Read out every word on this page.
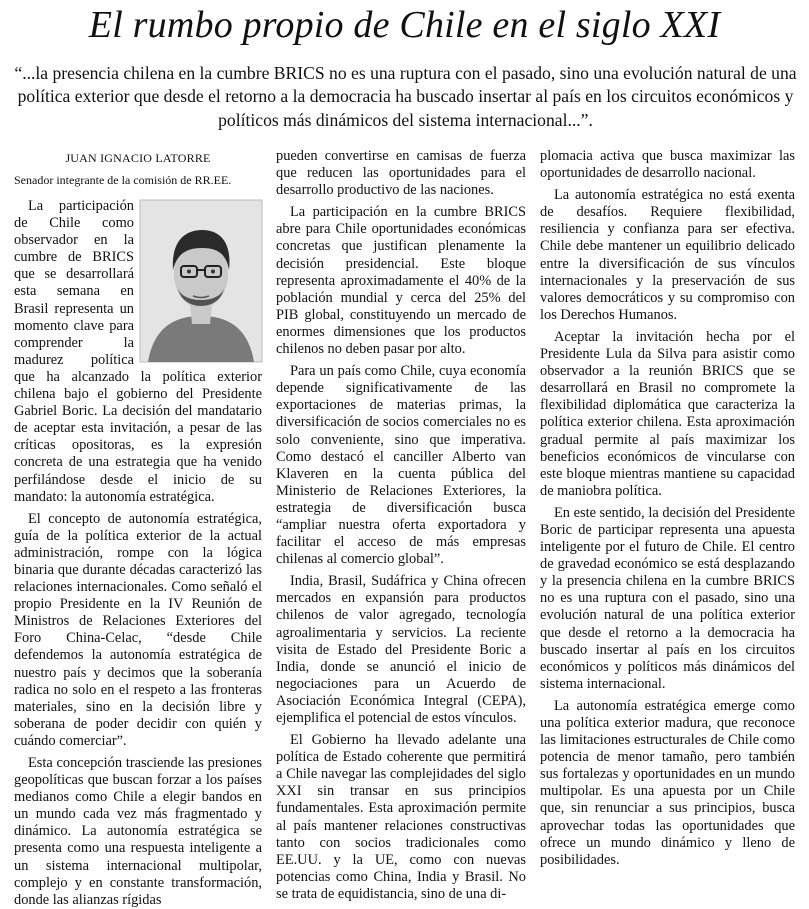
El rumbo propio de Chile en el siglo XXI

“...la presencia chilena en la cumbre BRICS no es una ruptura con el pasado, sino una evolución natural de una política exterior que desde el retorno a la democracia ha buscado insertar al país en los circuitos económicos y políticos más dinámicos del sistema internacional...”.

JUAN IGNACIO LATORRE
Senador integrante de la comisión de RR.EE.

La participación de Chile como observador en la cumbre de BRICS que se desarrollará esta semana en Brasil representa un momento clave para comprender la madurez política que ha alcanzado la política exterior chilena bajo el gobierno del Presidente Gabriel Boric. La decisión del mandatario de aceptar esta invitación, a pesar de las críticas opositoras, es la expresión concreta de una estrategia que ha venido perfilándose desde el inicio de su mandato: la autonomía estratégica.

El concepto de autonomía estratégica, guía de la política exterior de la actual administración, rompe con la lógica binaria que durante décadas caracterizó las relaciones internacionales. Como señaló el propio Presidente en la IV Reunión de Ministros de Relaciones Exteriores del Foro China-Celac, “desde Chile defendemos la autonomía estratégica de nuestro país y decimos que la soberanía radica no solo en el respeto a las fronteras materiales, sino en la decisión libre y soberana de poder decidir con quién y cuándo comerciar”.

Esta concepción trasciende las presiones geopolíticas que buscan forzar a los países medianos como Chile a elegir bandos en un mundo cada vez más fragmentado y dinámico. La autonomía estratégica se presenta como una respuesta inteligente a un sistema internacional multipolar, complejo y en constante transformación, donde las alianzas rígidas

pueden convertirse en camisas de fuerza que reducen las oportunidades para el desarrollo productivo de las naciones.

La participación en la cumbre BRICS abre para Chile oportunidades económicas concretas que justifican plenamente la decisión presidencial. Este bloque representa aproximadamente el 40% de la población mundial y cerca del 25% del PIB global, constituyendo un mercado de enormes dimensiones que los productos chilenos no deben pasar por alto.

Para un país como Chile, cuya economía depende significativamente de las exportaciones de materias primas, la diversificación de socios comerciales no es solo conveniente, sino que imperativa. Como destacó el canciller Alberto van Klaveren en la cuenta pública del Ministerio de Relaciones Exteriores, la estrategia de diversificación busca “ampliar nuestra oferta exportadora y facilitar el acceso de más empresas chilenas al comercio global”.

India, Brasil, Sudáfrica y China ofrecen mercados en expansión para productos chilenos de valor agregado, tecnología agroalimentaria y servicios. La reciente visita de Estado del Presidente Boric a India, donde se anunció el inicio de negociaciones para un Acuerdo de Asociación Económica Integral (CEPA), ejemplifica el potencial de estos vínculos.

El Gobierno ha llevado adelante una política de Estado coherente que permitirá a Chile navegar las complejidades del siglo XXI sin transar en sus principios fundamentales. Esta aproximación permite al país mantener relaciones constructivas tanto con socios tradicionales como EE.UU. y la UE, como con nuevas potencias como China, India y Brasil. No se trata de equidistancia, sino de una di-

plomacia activa que busca maximizar las oportunidades de desarrollo nacional.

La autonomía estratégica no está exenta de desafíos. Requiere flexibilidad, resiliencia y confianza para ser efectiva. Chile debe mantener un equilibrio delicado entre la diversificación de sus vínculos internacionales y la preservación de sus valores democráticos y su compromiso con los Derechos Humanos.

Aceptar la invitación hecha por el Presidente Lula da Silva para asistir como observador a la reunión BRICS que se desarrollará en Brasil no compromete la flexibilidad diplomática que caracteriza la política exterior chilena. Esta aproximación gradual permite al país maximizar los beneficios económicos de vincularse con este bloque mientras mantiene su capacidad de maniobra política.

En este sentido, la decisión del Presidente Boric de participar representa una apuesta inteligente por el futuro de Chile. El centro de gravedad económico se está desplazando y la presencia chilena en la cumbre BRICS no es una ruptura con el pasado, sino una evolución natural de una política exterior que desde el retorno a la democracia ha buscado insertar al país en los circuitos económicos y políticos más dinámicos del sistema internacional.

La autonomía estratégica emerge como una política exterior madura, que reconoce las limitaciones estructurales de Chile como potencia de menor tamaño, pero también sus fortalezas y oportunidades en un mundo multipolar. Es una apuesta por un Chile que, sin renunciar a sus principios, busca aprovechar todas las oportunidades que ofrece un mundo dinámico y lleno de posibilidades.
